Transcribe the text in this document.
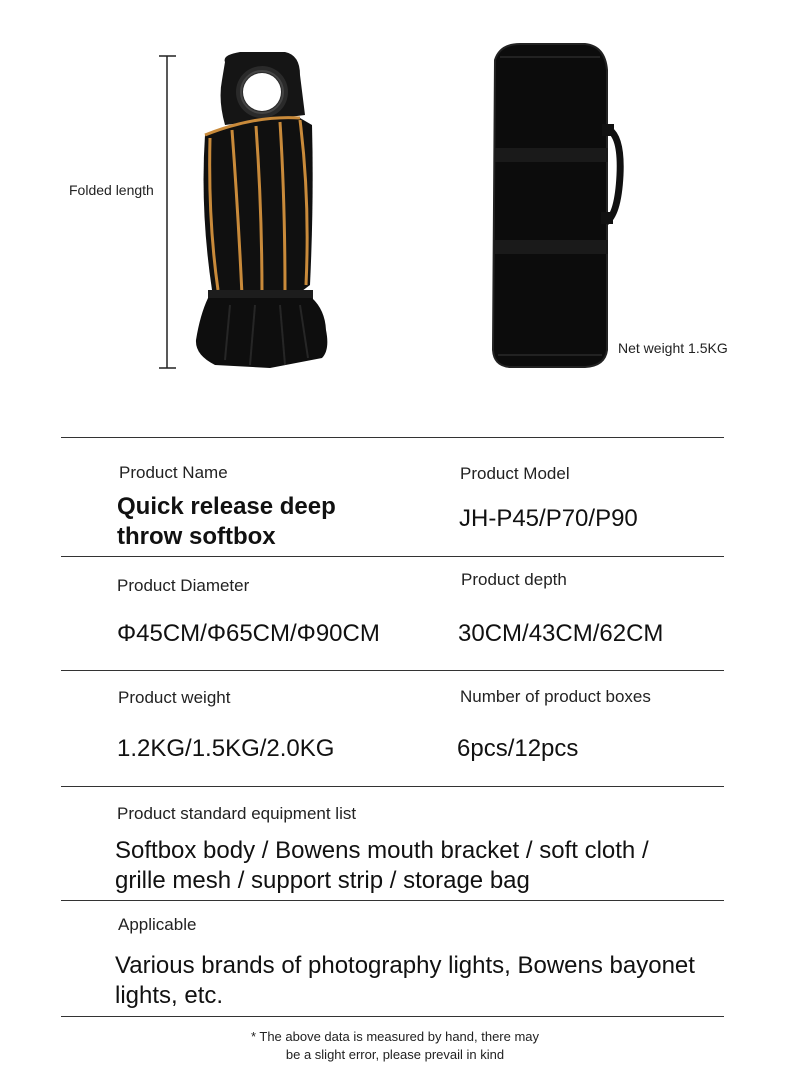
Folded length
Net weight 1.5KG
Product Name
Quick release deep throw softbox
Product Model
JH-P45/P70/P90
Product Diameter
Φ45CM/Φ65CM/Φ90CM
Product depth
30CM/43CM/62CM
Product weight
1.2KG/1.5KG/2.0KG
Number of product boxes
6pcs/12pcs
Product standard equipment list
Softbox body / Bowens mouth bracket / soft cloth / grille mesh / support strip / storage bag
Applicable
Various brands of photography lights, Bowens bayonet lights, etc.
* The above data is measured by hand, there may
be a slight error, please prevail in kind
